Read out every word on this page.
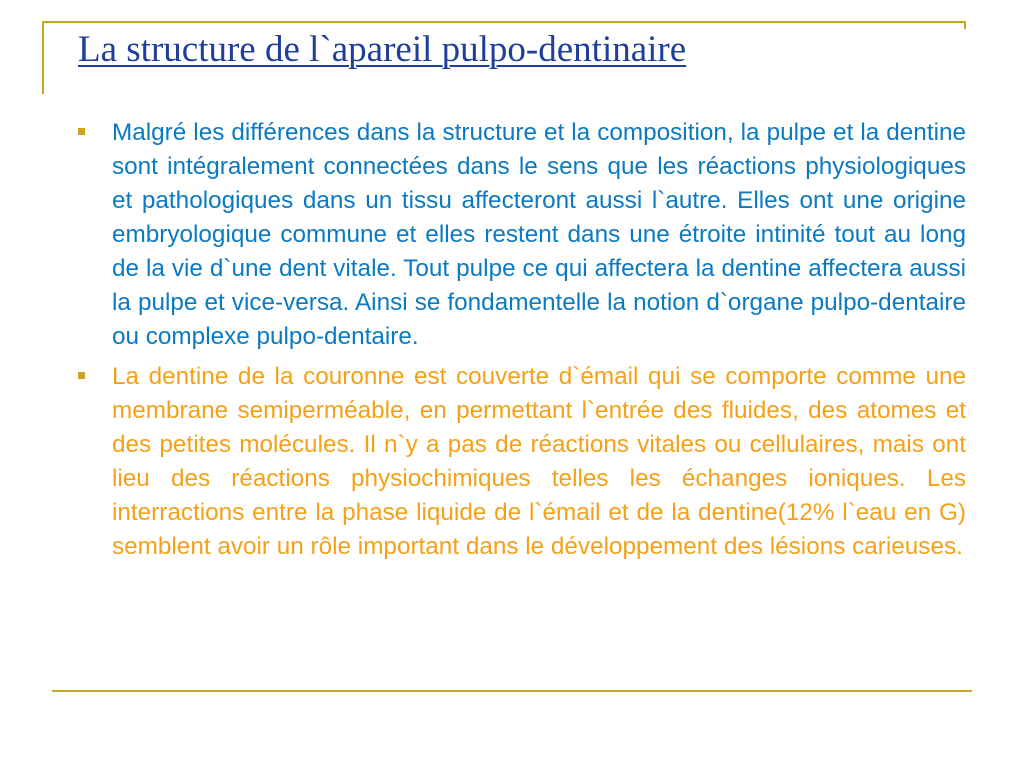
La structure de l`apareil pulpo-dentinaire

Malgré les différences dans la structure et la composition, la pulpe et la dentine sont intégralement connectées dans le sens que les réactions physiologiques et pathologiques dans un tissu affecteront aussi l`autre. Elles ont une origine embryologique commune et elles restent dans une étroite intinité tout au long de la vie d`une dent vitale. Tout pulpe ce qui affectera la dentine affectera aussi la pulpe et vice-versa. Ainsi se fondamentelle la notion d`organe pulpo-dentaire ou complexe pulpo-dentaire.

La dentine de la couronne est couverte d`émail qui se comporte comme une membrane semiperméable, en permettant l`entrée des fluides, des atomes et des petites molécules. Il n`y a pas de réactions vitales ou cellulaires, mais ont lieu des réactions physiochimiques telles les échanges ioniques. Les interractions entre la phase liquide de l`émail et de la dentine(12% l`eau en G) semblent avoir un rôle important dans le développement des lésions carieuses.
